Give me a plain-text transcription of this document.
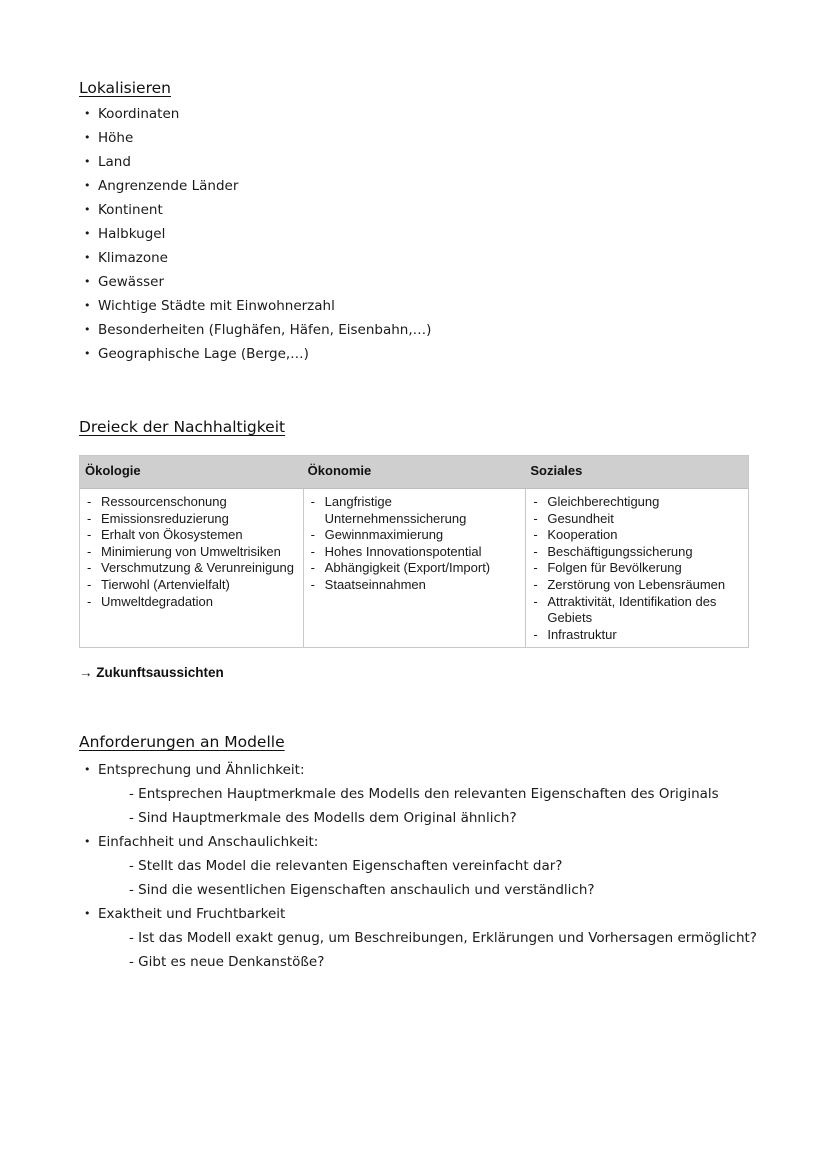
Lokalisieren
• Koordinaten
• Höhe
• Land
• Angrenzende Länder
• Kontinent
• Halbkugel
• Klimazone
• Gewässer
• Wichtige Städte mit Einwohnerzahl
• Besonderheiten (Flughäfen, Häfen, Eisenbahn,…)
• Geographische Lage (Berge,…)
Dreieck der Nachhaltigkeit
Ökologie	Ökonomie	Soziales
- Ressourcenschonung
- Emissionsreduzierung
- Erhalt von Ökosystemen
- Minimierung von Umweltrisiken
- Verschmutzung & Verunreinigung
- Tierwohl (Artenvielfalt)
- Umweltdegradation
- Langfristige Unternehmenssicherung
- Gewinnmaximierung
- Hohes Innovationspotential
- Abhängigkeit (Export/Import)
- Staatseinnahmen
- Gleichberechtigung
- Gesundheit
- Kooperation
- Beschäftigungssicherung
- Folgen für Bevölkerung
- Zerstörung von Lebensräumen
- Attraktivität, Identifikation des Gebiets
- Infrastruktur
→ Zukunftsaussichten
Anforderungen an Modelle
• Entsprechung und Ähnlichkeit:
- Entsprechen Hauptmerkmale des Modells den relevanten Eigenschaften des Originals
- Sind Hauptmerkmale des Modells dem Original ähnlich?
• Einfachheit und Anschaulichkeit:
- Stellt das Model die relevanten Eigenschaften vereinfacht dar?
- Sind die wesentlichen Eigenschaften anschaulich und verständlich?
• Exaktheit und Fruchtbarkeit
- Ist das Modell exakt genug, um Beschreibungen, Erklärungen und Vorhersagen ermöglicht?
- Gibt es neue Denkanstöße?
